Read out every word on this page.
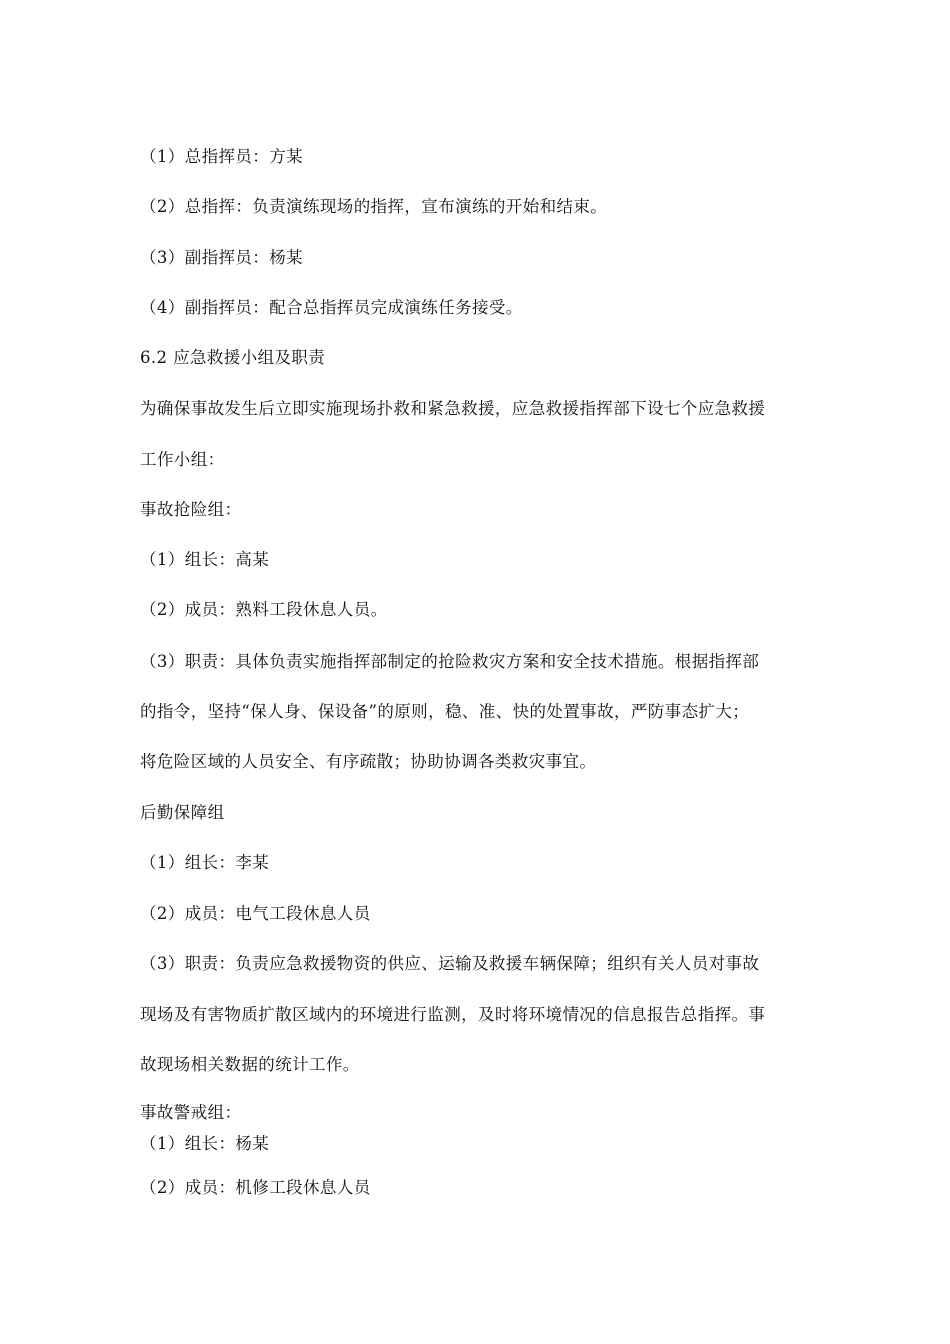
（1）总指挥员：方某
（2）总指挥：负责演练现场的指挥，宣布演练的开始和结束。
（3）副指挥员：杨某
（4）副指挥员：配合总指挥员完成演练任务接受。
6.2 应急救援小组及职责
为确保事故发生后立即实施现场扑救和紧急救援，应急救援指挥部下设七个应急救援
工作小组：
事故抢险组：
（1）组长：高某
（2）成员：熟料工段休息人员。
（3）职责：具体负责实施指挥部制定的抢险救灾方案和安全技术措施。根据指挥部
的指令，坚持“保人身、保设备”的原则，稳、准、快的处置事故，严防事态扩大；
将危险区域的人员安全、有序疏散；协助协调各类救灾事宜。
后勤保障组
（1）组长：李某
（2）成员：电气工段休息人员
（3）职责：负责应急救援物资的供应、运输及救援车辆保障；组织有关人员对事故
现场及有害物质扩散区域内的环境进行监测，及时将环境情况的信息报告总指挥。事
故现场相关数据的统计工作。
事故警戒组：
（1）组长：杨某
（2）成员：机修工段休息人员
